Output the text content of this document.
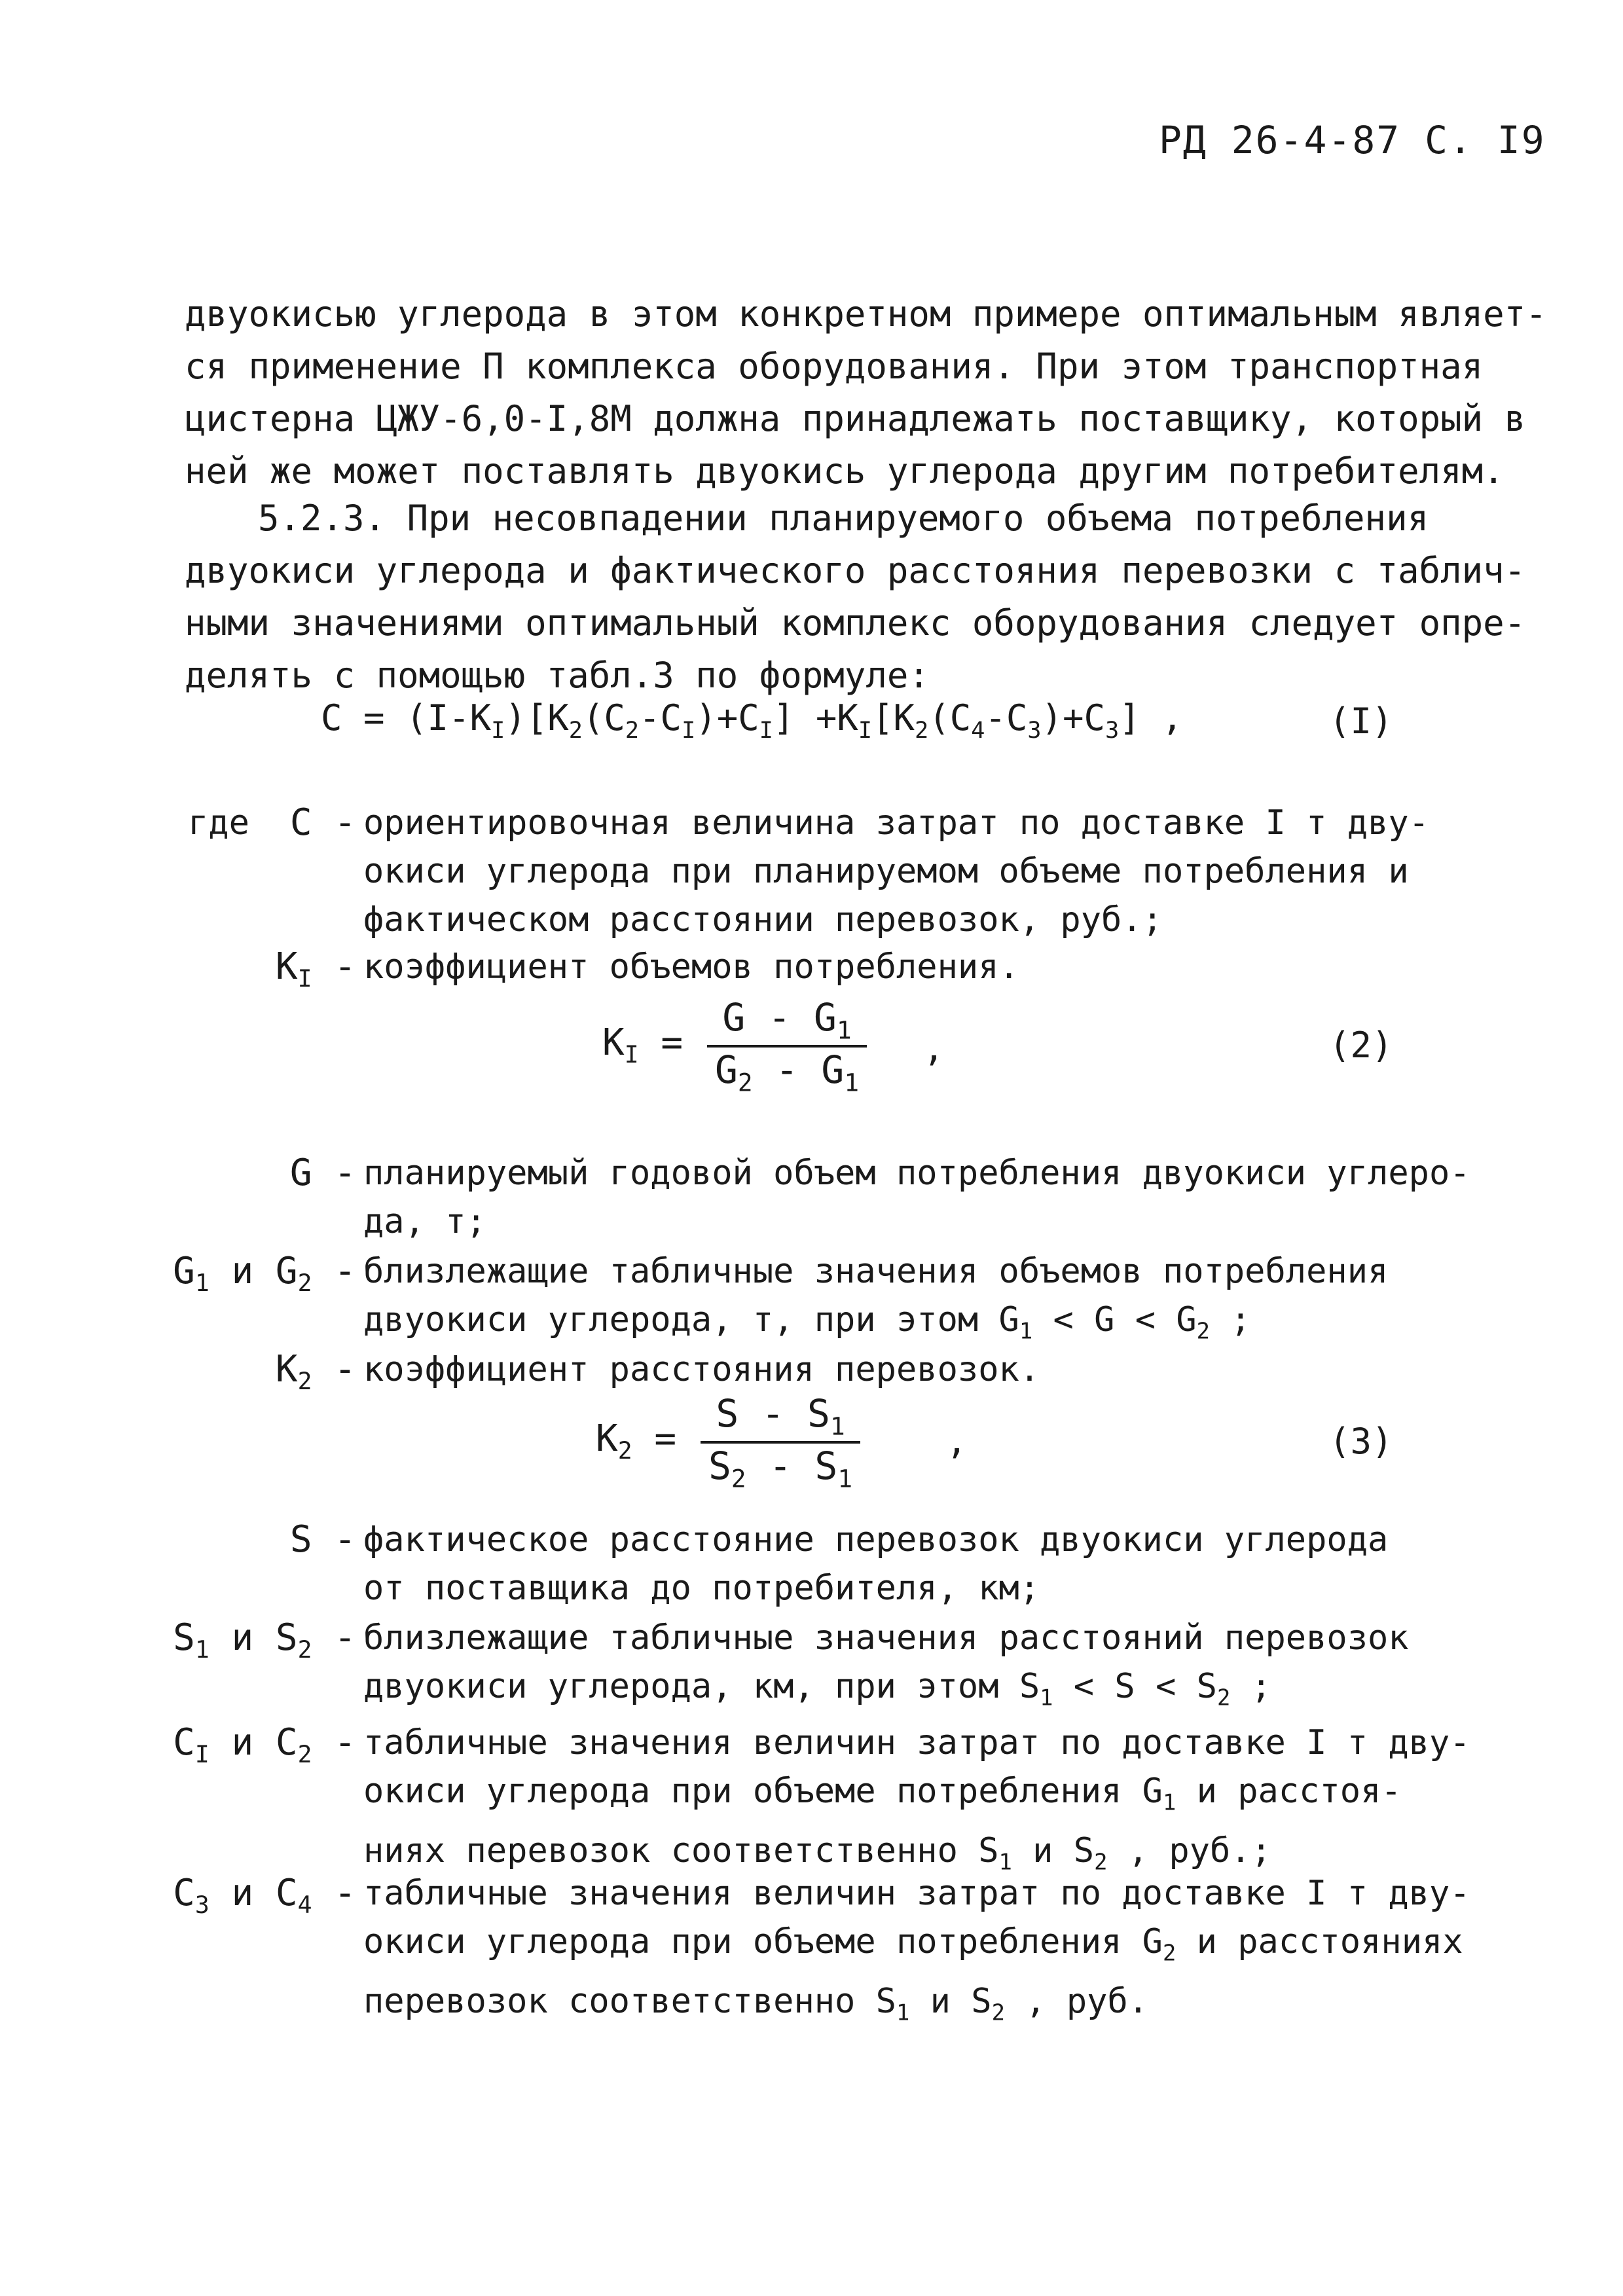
РД 26-4-87 С. I9
двуокисью углерода в этом конкретном примере оптимальным являет-
ся применение П комплекса оборудования. При этом транспортная
цистерна ЦЖУ-6,0-I,8М должна принадлежать поставщику, который в
ней же может поставлять двуокись углерода другим потребителям.
5.2.3. При несовпадении планируемого объема потребления
двуокиси углерода и фактического расстояния перевозки с таблич-
ными значениями оптимальный комплекс оборудования следует опре-
делять с помощью табл.3 по формуле:
$С = (I-К_I)[К_2(С_2-С_I)+С_I] +К_I[К_2(С_4-С_3)+С_3]$ ,	(I)
где С - ориентировочная величина затрат по доставке I т дву-
окиси углерода при планируемом объеме потребления и
фактическом расстоянии перевозок, руб.;
$К_I$ - коэффициент объемов потребления.
$К_I = \frac{G - G_1}{G_2 - G_1}$ ,	(2)
G - планируемый годовой объем потребления двуокиси углеро-
да, т;
$G_1$ и $G_2$ - близлежащие табличные значения объемов потребления
двуокиси углерода, т, при этом $G_1 < G < G_2$ ;
$К_2$ - коэффициент расстояния перевозок.
$К_2 = \frac{S - S_1}{S_2 - S_1}$ ,	(3)
S - фактическое расстояние перевозок двуокиси углерода
от поставщика до потребителя, км;
$S_1$ и $S_2$ - близлежащие табличные значения расстояний перевозок
двуокиси углерода, км, при этом $S_1 < S < S_2$ ;
$С_I$ и $С_2$ - табличные значения величин затрат по доставке I т дву-
окиси углерода при объеме потребления $G_1$ и расстоя-
ниях перевозок соответственно $S_1$ и $S_2$ , руб.;
$С_3$ и $С_4$ - табличные значения величин затрат по доставке I т дву-
окиси углерода при объеме потребления $G_2$ и расстояниях
перевозок соответственно $S_1$ и $S_2$ , руб.
